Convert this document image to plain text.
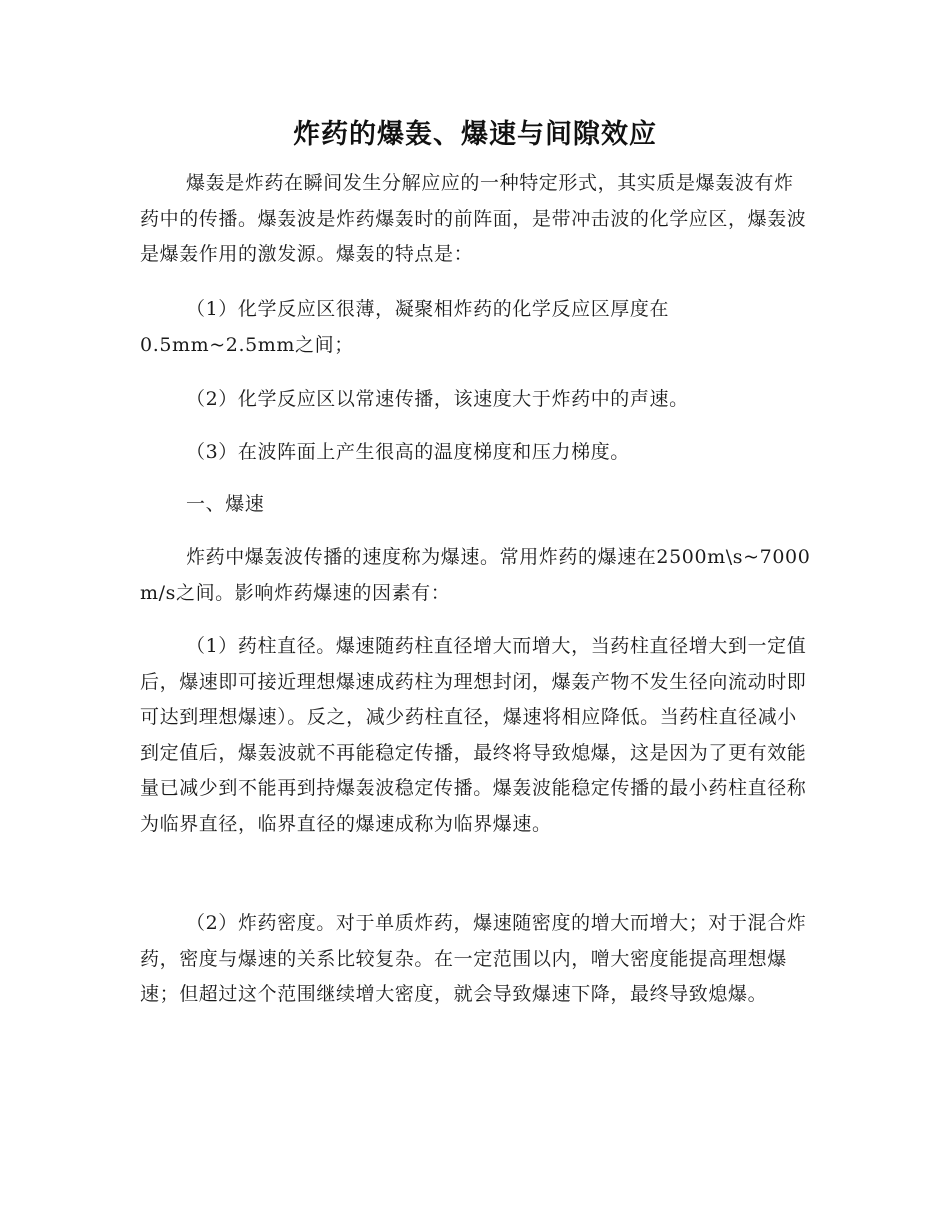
炸药的爆轰、爆速与间隙效应

爆轰是炸药在瞬间发生分解应应的一种特定形式，其实质是爆轰波有炸药中的传播。爆轰波是炸药爆轰时的前阵面，是带冲击波的化学应区，爆轰波是爆轰作用的激发源。爆轰的特点是：

（1）化学反应区很薄，凝聚相炸药的化学反应区厚度在0.5mm~2.5mm之间；

（2）化学反应区以常速传播，该速度大于炸药中的声速。

（3）在波阵面上产生很高的温度梯度和压力梯度。

一、爆速

炸药中爆轰波传播的速度称为爆速。常用炸药的爆速在2500m\s~7000m/s之间。影响炸药爆速的因素有：

（1）药柱直径。爆速随药柱直径增大而增大，当药柱直径增大到一定值后，爆速即可接近理想爆速成药柱为理想封闭，爆轰产物不发生径向流动时即可达到理想爆速）。反之，减少药柱直径，爆速将相应降低。当药柱直径减小到定值后，爆轰波就不再能稳定传播，最终将导致熄爆，这是因为了更有效能量已减少到不能再到持爆轰波稳定传播。爆轰波能稳定传播的最小药柱直径称为临界直径，临界直径的爆速成称为临界爆速。

（2）炸药密度。对于单质炸药，爆速随密度的增大而增大；对于混合炸药，密度与爆速的关系比较复杂。在一定范围以内，噌大密度能提高理想爆速；但超过这个范围继续增大密度，就会导致爆速下降，最终导致熄爆。
